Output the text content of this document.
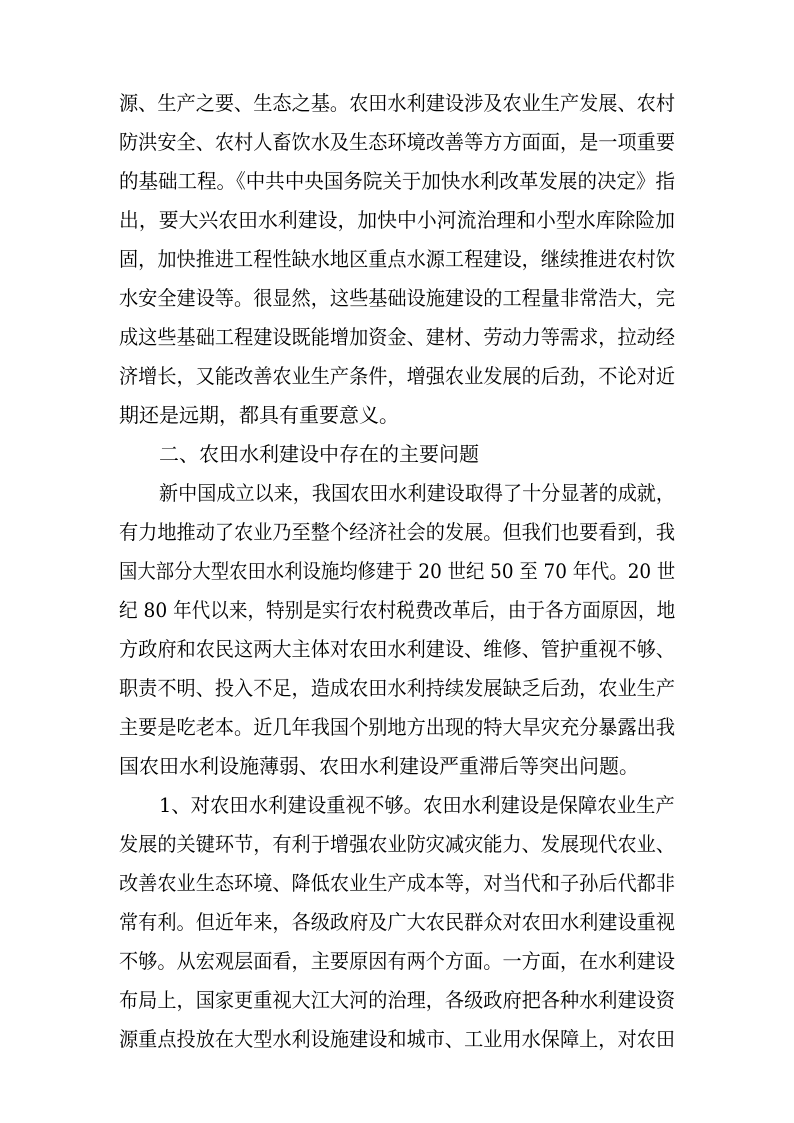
源、生产之要、生态之基。农田水利建设涉及农业生产发展、农村
防洪安全、农村人畜饮水及生态环境改善等方方面面，是一项重要
的基础工程。《中共中央国务院关于加快水利改革发展的决定》指
出，要大兴农田水利建设，加快中小河流治理和小型水库除险加
固，加快推进工程性缺水地区重点水源工程建设，继续推进农村饮
水安全建设等。很显然，这些基础设施建设的工程量非常浩大，完
成这些基础工程建设既能增加资金、建材、劳动力等需求，拉动经
济增长，又能改善农业生产条件，增强农业发展的后劲，不论对近
期还是远期，都具有重要意义。
二、农田水利建设中存在的主要问题
新中国成立以来，我国农田水利建设取得了十分显著的成就，
有力地推动了农业乃至整个经济社会的发展。但我们也要看到，我
国大部分大型农田水利设施均修建于 20 世纪 50 至 70 年代。20 世
纪 80 年代以来，特别是实行农村税费改革后，由于各方面原因，地
方政府和农民这两大主体对农田水利建设、维修、管护重视不够、
职责不明、投入不足，造成农田水利持续发展缺乏后劲，农业生产
主要是吃老本。近几年我国个别地方出现的特大旱灾充分暴露出我
国农田水利设施薄弱、农田水利建设严重滞后等突出问题。
1、对农田水利建设重视不够。农田水利建设是保障农业生产
发展的关键环节，有利于增强农业防灾减灾能力、发展现代农业、
改善农业生态环境、降低农业生产成本等，对当代和子孙后代都非
常有利。但近年来，各级政府及广大农民群众对农田水利建设重视
不够。从宏观层面看，主要原因有两个方面。一方面，在水利建设
布局上，国家更重视大江大河的治理，各级政府把各种水利建设资
源重点投放在大型水利设施建设和城市、工业用水保障上，对农田
